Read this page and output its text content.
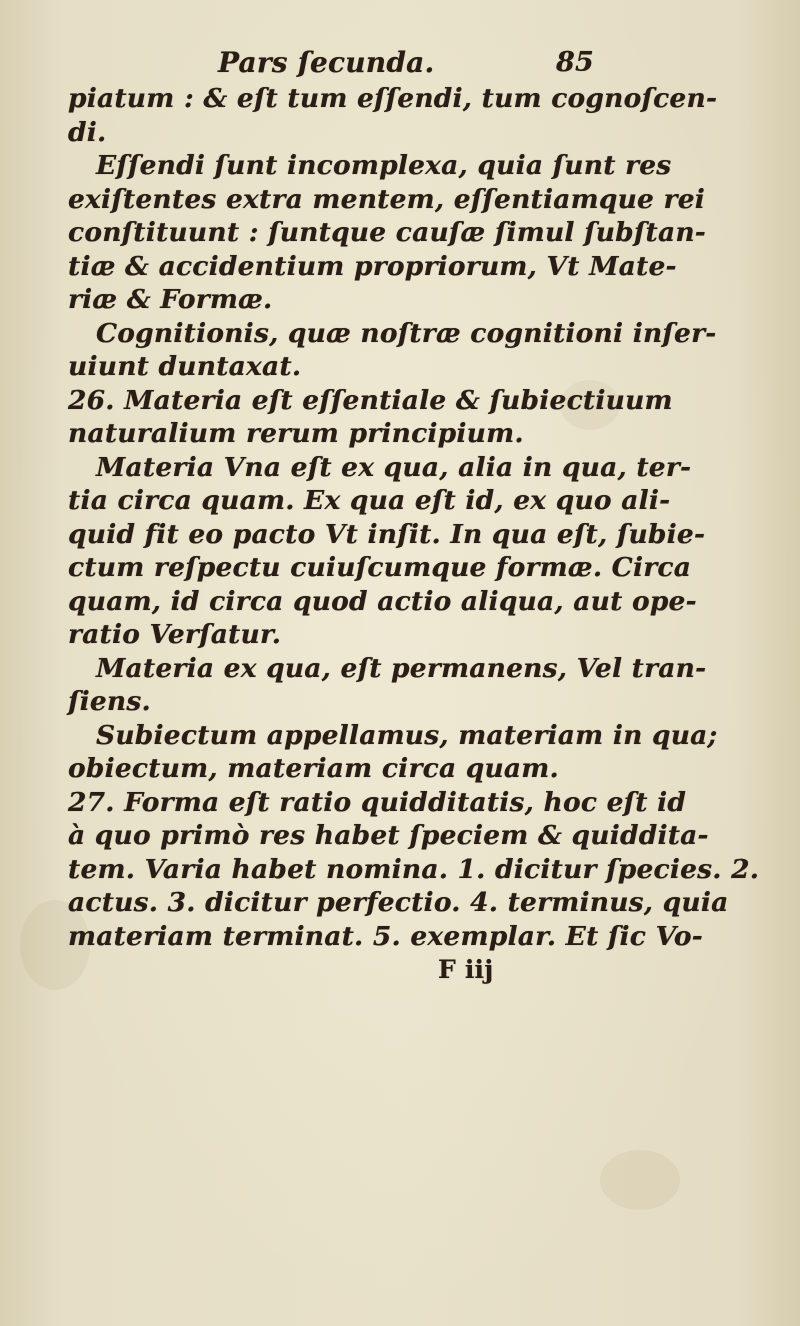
Pars ſecunda.	85
piatum : & eſt tum eſſendi, tum cognoſcen-
di.
Eſſendi ſunt incomplexa, quia ſunt res
exiſtentes extra mentem, eſſentiamque rei
conſtituunt : ſuntque cauſæ ſimul ſubſtan-
tiæ & accidentium propriorum, Vt Mate-
riæ & Formæ.
Cognitionis, quæ noſtræ cognitioni inſer-
uiunt duntaxat.
26. Materia eſt eſſentiale & ſubiectiuum
naturalium rerum principium.
Materia Vna eſt ex qua, alia in qua, ter-
tia circa quam. Ex qua eſt id, ex quo ali-
quid fit eo pacto Vt inſit. In qua eſt, ſubie-
ctum reſpectu cuiuſcumque formæ. Circa
quam, id circa quod actio aliqua, aut ope-
ratio Verſatur.
Materia ex qua, eſt permanens, Vel tran-
ſiens.
Subiectum appellamus, materiam in qua;
obiectum, materiam circa quam.
27. Forma eſt ratio quidditatis, hoc eſt id
à quo primò res habet ſpeciem & quiddita-
tem. Varia habet nomina. 1. dicitur ſpecies. 2.
actus. 3. dicitur perfectio. 4. terminus, quia
materiam terminat. 5. exemplar. Et ſic Vo-
F iij
